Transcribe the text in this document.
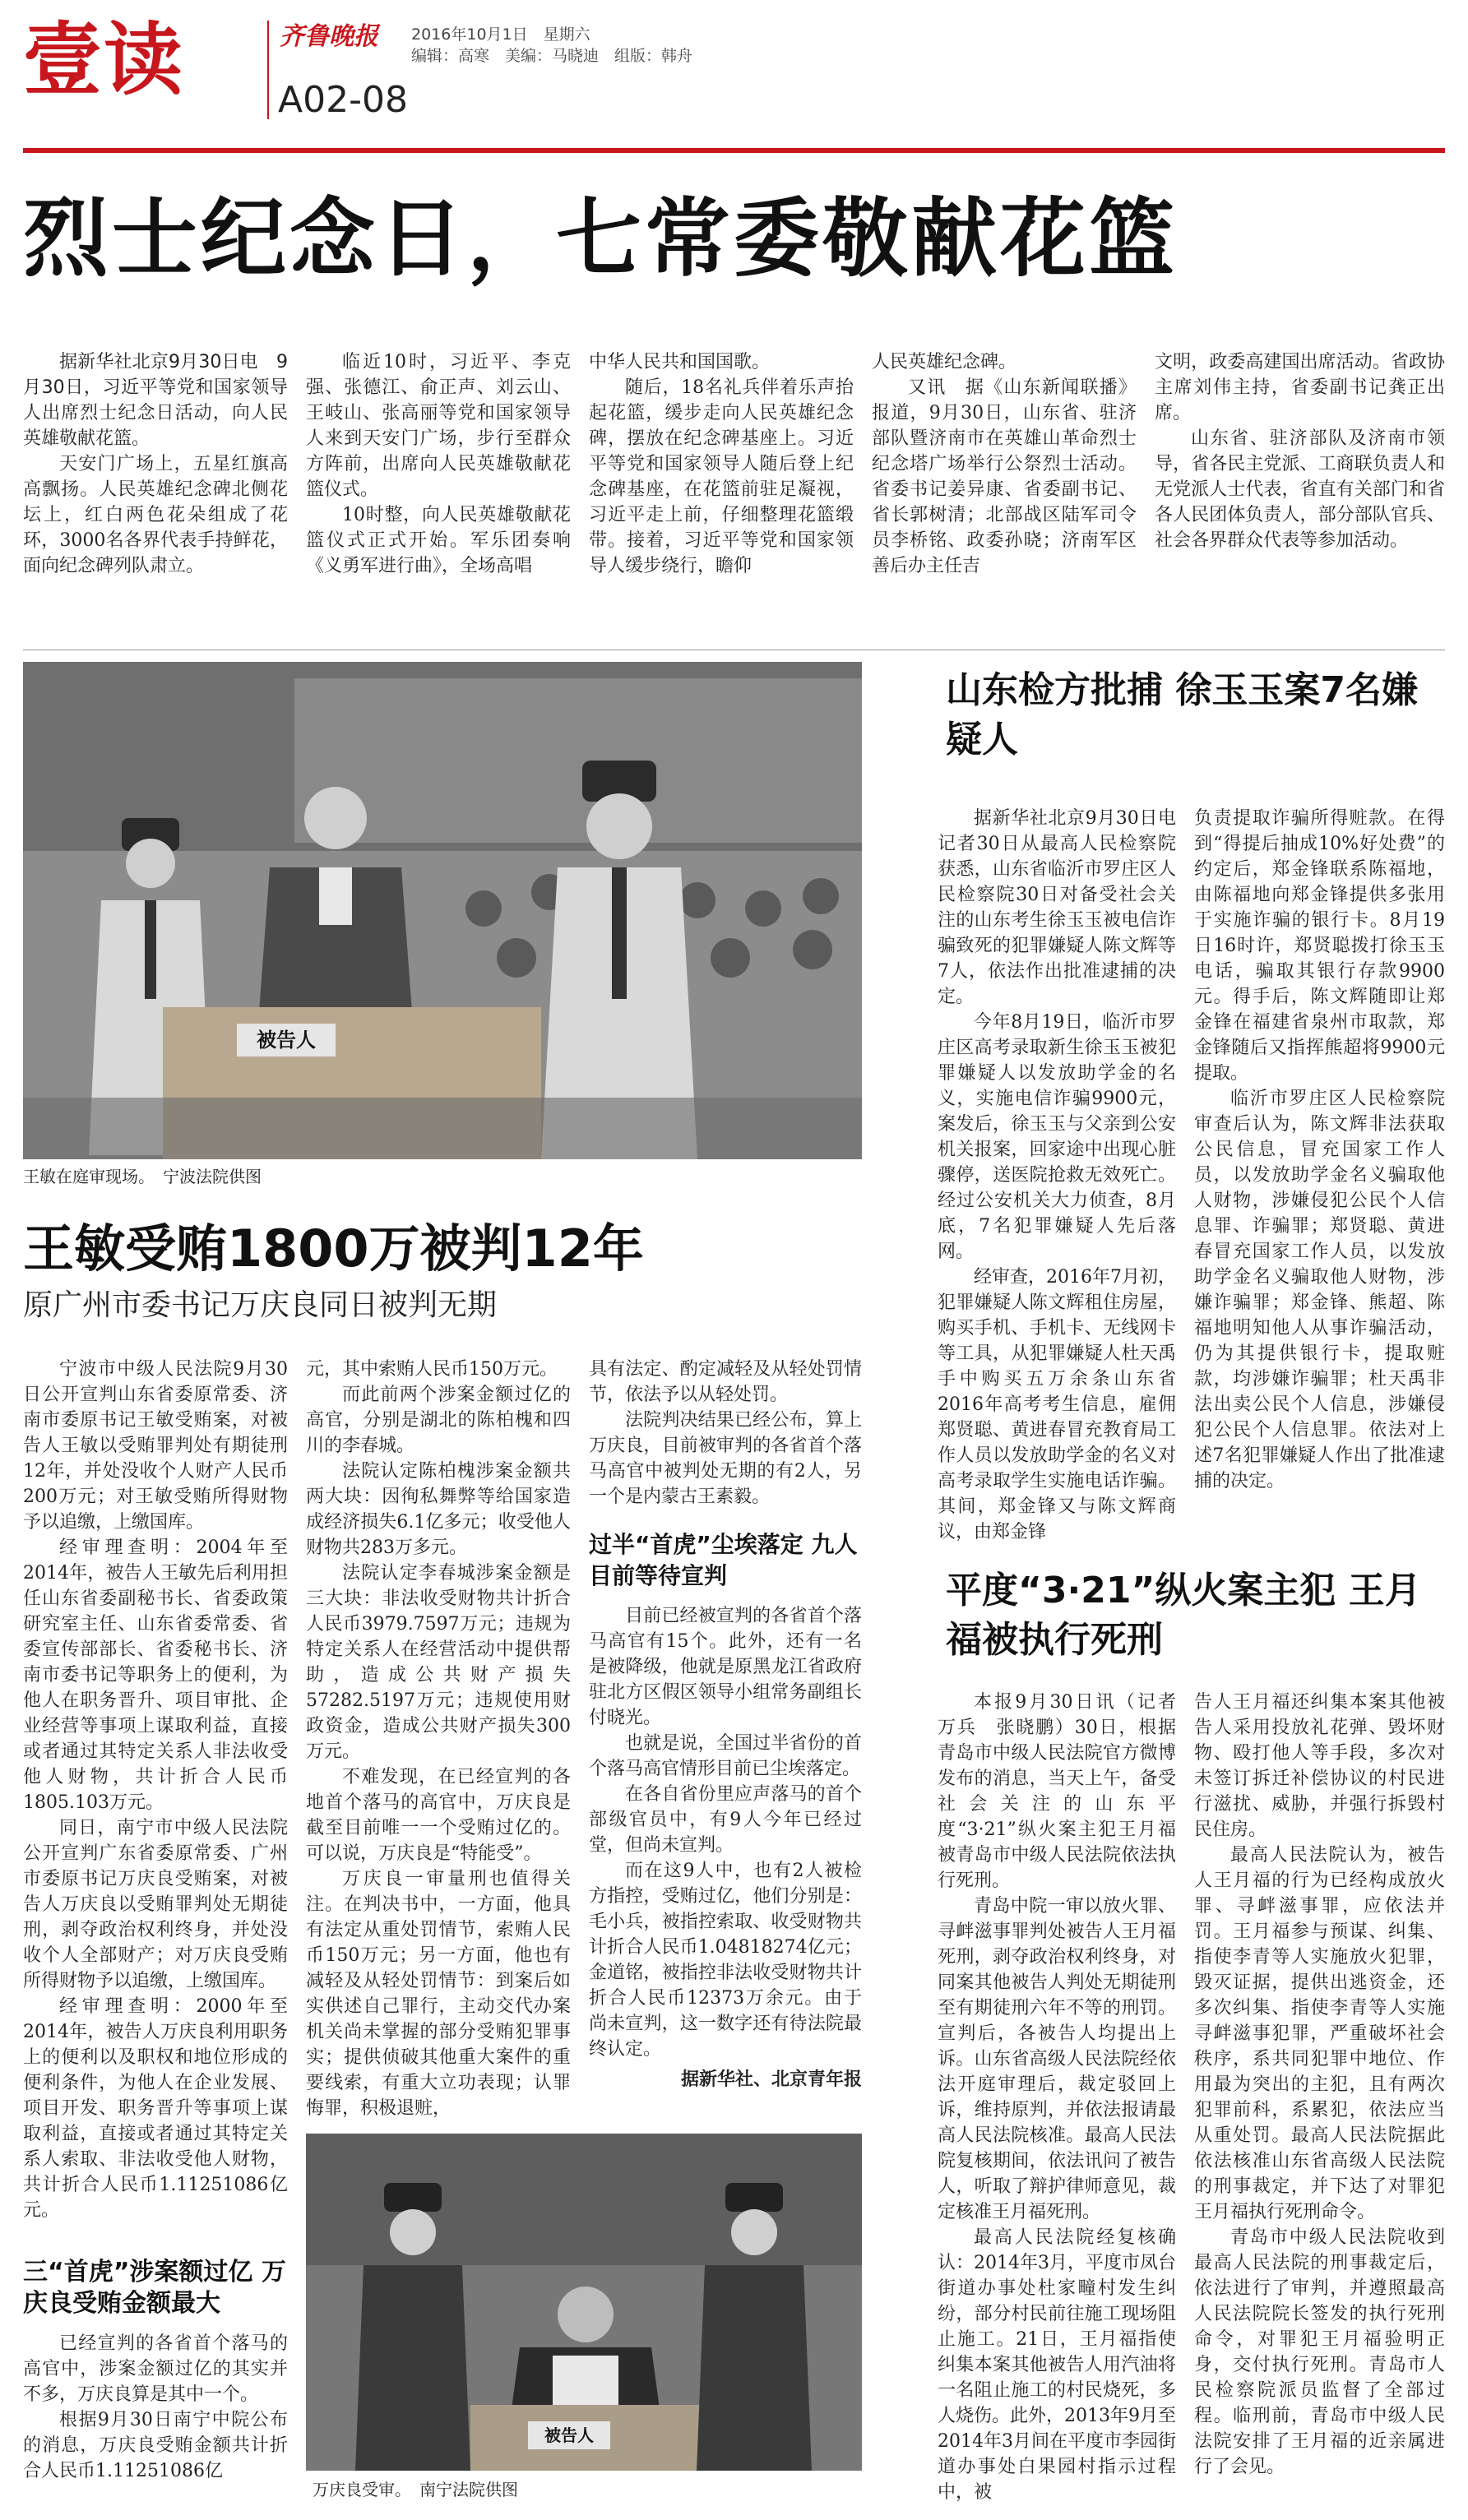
壹读	齐鲁晚报
A02-08
2016年10月1日　星期六
编辑：高寒　美编：马晓迪　组版：韩舟
烈士纪念日，七常委敬献花篮

据新华社北京9月30日电　9月30日，习近平等党和国家领导人出席烈士纪念日活动，向人民英雄敬献花篮。

天安门广场上，五星红旗高高飘扬。人民英雄纪念碑北侧花坛上，红白两色花朵组成了花环，3000名各界代表手持鲜花，面向纪念碑列队肃立。

临近10时，习近平、李克强、张德江、俞正声、刘云山、王岐山、张高丽等党和国家领导人来到天安门广场，步行至群众方阵前，出席向人民英雄敬献花篮仪式。

10时整，向人民英雄敬献花篮仪式正式开始。军乐团奏响《义勇军进行曲》，全场高唱

中华人民共和国国歌。

随后，18名礼兵伴着乐声抬起花篮，缓步走向人民英雄纪念碑，摆放在纪念碑基座上。习近平等党和国家领导人随后登上纪念碑基座，在花篮前驻足凝视，习近平走上前，仔细整理花篮缎带。接着，习近平等党和国家领导人缓步绕行，瞻仰

人民英雄纪念碑。

又讯　据《山东新闻联播》报道，9月30日，山东省、驻济部队暨济南市在英雄山革命烈士纪念塔广场举行公祭烈士活动。省委书记姜异康、省委副书记、省长郭树清；北部战区陆军司令员李桥铭、政委孙晓；济南军区善后办主任吉

文明，政委高建国出席活动。省政协主席刘伟主持，省委副书记龚正出席。

山东省、驻济部队及济南市领导，省各民主党派、工商联负责人和无党派人士代表，省直有关部门和省各人民团体负责人，部分部队官兵、社会各界群众代表等参加活动。

被告人
王敏在庭审现场。　宁波法院供图
王敏受贿1800万被判12年
原广州市委书记万庆良同日被判无期

宁波市中级人民法院9月30日公开宣判山东省委原常委、济南市委原书记王敏受贿案，对被告人王敏以受贿罪判处有期徒刑12年，并处没收个人财产人民币200万元；对王敏受贿所得财物予以追缴，上缴国库。

经审理查明：2004年至2014年，被告人王敏先后利用担任山东省委副秘书长、省委政策研究室主任、山东省委常委、省委宣传部部长、省委秘书长、济南市委书记等职务上的便利，为他人在职务晋升、项目审批、企业经营等事项上谋取利益，直接或者通过其特定关系人非法收受他人财物，共计折合人民币1805.103万元。

同日，南宁市中级人民法院公开宣判广东省委原常委、广州市委原书记万庆良受贿案，对被告人万庆良以受贿罪判处无期徒刑，剥夺政治权利终身，并处没收个人全部财产；对万庆良受贿所得财物予以追缴，上缴国库。

经审理查明：2000年至2014年，被告人万庆良利用职务上的便利以及职权和地位形成的便利条件，为他人在企业发展、项目开发、职务晋升等事项上谋取利益，直接或者通过其特定关系人索取、非法收受他人财物，共计折合人民币1.11251086亿元。

三“首虎”涉案额过亿 万庆良受贿金额最大

已经宣判的各省首个落马的高官中，涉案金额过亿的其实并不多，万庆良算是其中一个。

根据9月30日南宁中院公布的消息，万庆良受贿金额共计折合人民币1.11251086亿

元，其中索贿人民币150万元。

而此前两个涉案金额过亿的高官，分别是湖北的陈柏槐和四川的李春城。

法院认定陈柏槐涉案金额共两大块：因徇私舞弊等给国家造成经济损失6.1亿多元；收受他人财物共283万多元。

法院认定李春城涉案金额是三大块：非法收受财物共计折合人民币3979.7597万元；违规为特定关系人在经营活动中提供帮助，造成公共财产损失57282.5197万元；违规使用财政资金，造成公共财产损失300万元。

不难发现，在已经宣判的各地首个落马的高官中，万庆良是截至目前唯一一个受贿过亿的。可以说，万庆良是“特能受”。

万庆良一审量刑也值得关注。在判决书中，一方面，他具有法定从重处罚情节，索贿人民币150万元；另一方面，他也有减轻及从轻处罚情节：到案后如实供述自己罪行，主动交代办案机关尚未掌握的部分受贿犯罪事实；提供侦破其他重大案件的重要线索，有重大立功表现；认罪悔罪，积极退赃，

具有法定、酌定减轻及从轻处罚情节，依法予以从轻处罚。

法院判决结果已经公布，算上万庆良，目前被审判的各省首个落马高官中被判处无期的有2人，另一个是内蒙古王素毅。

过半“首虎”尘埃落定 九人目前等待宣判

目前已经被宣判的各省首个落马高官有15个。此外，还有一名是被降级，他就是原黑龙江省政府驻北方区假区领导小组常务副组长付晓光。

也就是说，全国过半省份的首个落马高官情形目前已尘埃落定。

在各自省份里应声落马的首个部级官员中，有9人今年已经过堂，但尚未宣判。

而在这9人中，也有2人被检方指控，受贿过亿，他们分别是：毛小兵，被指控索取、收受财物共计折合人民币1.04818274亿元；金道铭，被指控非法收受财物共计折合人民币12373万余元。由于尚未宣判，这一数字还有待法院最终认定。

据新华社、北京青年报
被告人
万庆良受审。　南宁法院供图
山东检方批捕 徐玉玉案7名嫌疑人

据新华社北京9月30日电　记者30日从最高人民检察院获悉，山东省临沂市罗庄区人民检察院30日对备受社会关注的山东考生徐玉玉被电信诈骗致死的犯罪嫌疑人陈文辉等7人，依法作出批准逮捕的决定。

今年8月19日，临沂市罗庄区高考录取新生徐玉玉被犯罪嫌疑人以发放助学金的名义，实施电信诈骗9900元，案发后，徐玉玉与父亲到公安机关报案，回家途中出现心脏骤停，送医院抢救无效死亡。经过公安机关大力侦查，8月底，7名犯罪嫌疑人先后落网。

经审查，2016年7月初，犯罪嫌疑人陈文辉租住房屋，购买手机、手机卡、无线网卡等工具，从犯罪嫌疑人杜天禹手中购买五万余条山东省2016年高考考生信息，雇佣郑贤聪、黄进春冒充教育局工作人员以发放助学金的名义对高考录取学生实施电话诈骗。其间，郑金锋又与陈文辉商议，由郑金锋

负责提取诈骗所得赃款。在得到“得提后抽成10%好处费”的约定后，郑金锋联系陈福地，由陈福地向郑金锋提供多张用于实施诈骗的银行卡。8月19日16时许，郑贤聪拨打徐玉玉电话，骗取其银行存款9900元。得手后，陈文辉随即让郑金锋在福建省泉州市取款，郑金锋随后又指挥熊超将9900元提取。

临沂市罗庄区人民检察院审查后认为，陈文辉非法获取公民信息，冒充国家工作人员，以发放助学金名义骗取他人财物，涉嫌侵犯公民个人信息罪、诈骗罪；郑贤聪、黄进春冒充国家工作人员，以发放助学金名义骗取他人财物，涉嫌诈骗罪；郑金锋、熊超、陈福地明知他人从事诈骗活动，仍为其提供银行卡，提取赃款，均涉嫌诈骗罪；杜天禹非法出卖公民个人信息，涉嫌侵犯公民个人信息罪。依法对上述7名犯罪嫌疑人作出了批准逮捕的决定。

平度“3·21”纵火案主犯 王月福被执行死刑

本报9月30日讯（记者 万兵　张晓鹏）30日，根据青岛市中级人民法院官方微博发布的消息，当天上午，备受社会关注的山东平度“3·21”纵火案主犯王月福被青岛市中级人民法院依法执行死刑。

青岛中院一审以放火罪、寻衅滋事罪判处被告人王月福死刑，剥夺政治权利终身，对同案其他被告人判处无期徒刑至有期徒刑六年不等的刑罚。宣判后，各被告人均提出上诉。山东省高级人民法院经依法开庭审理后，裁定驳回上诉，维持原判，并依法报请最高人民法院核准。最高人民法院复核期间，依法讯问了被告人，听取了辩护律师意见，裁定核准王月福死刑。

最高人民法院经复核确认：2014年3月，平度市凤台街道办事处杜家疃村发生纠纷，部分村民前往施工现场阻止施工。21日，王月福指使纠集本案其他被告人用汽油将一名阻止施工的村民烧死，多人烧伤。此外，2013年9月至2014年3月间在平度市李园街道办事处白果园村指示过程中，被

告人王月福还纠集本案其他被告人采用投放礼花弹、毁坏财物、殴打他人等手段，多次对未签订拆迁补偿协议的村民进行滋扰、威胁，并强行拆毁村民住房。

最高人民法院认为，被告人王月福的行为已经构成放火罪、寻衅滋事罪，应依法并罚。王月福参与预谋、纠集、指使李青等人实施放火犯罪，毁灭证据，提供出逃资金，还多次纠集、指使李青等人实施寻衅滋事犯罪，严重破坏社会秩序，系共同犯罪中地位、作用最为突出的主犯，且有两次犯罪前科，系累犯，依法应当从重处罚。最高人民法院据此依法核准山东省高级人民法院的刑事裁定，并下达了对罪犯王月福执行死刑命令。

青岛市中级人民法院收到最高人民法院的刑事裁定后，依法进行了审判，并遵照最高人民法院院长签发的执行死刑命令，对罪犯王月福验明正身，交付执行死刑。青岛市人民检察院派员监督了全部过程。临刑前，青岛市中级人民法院安排了王月福的近亲属进行了会见。
